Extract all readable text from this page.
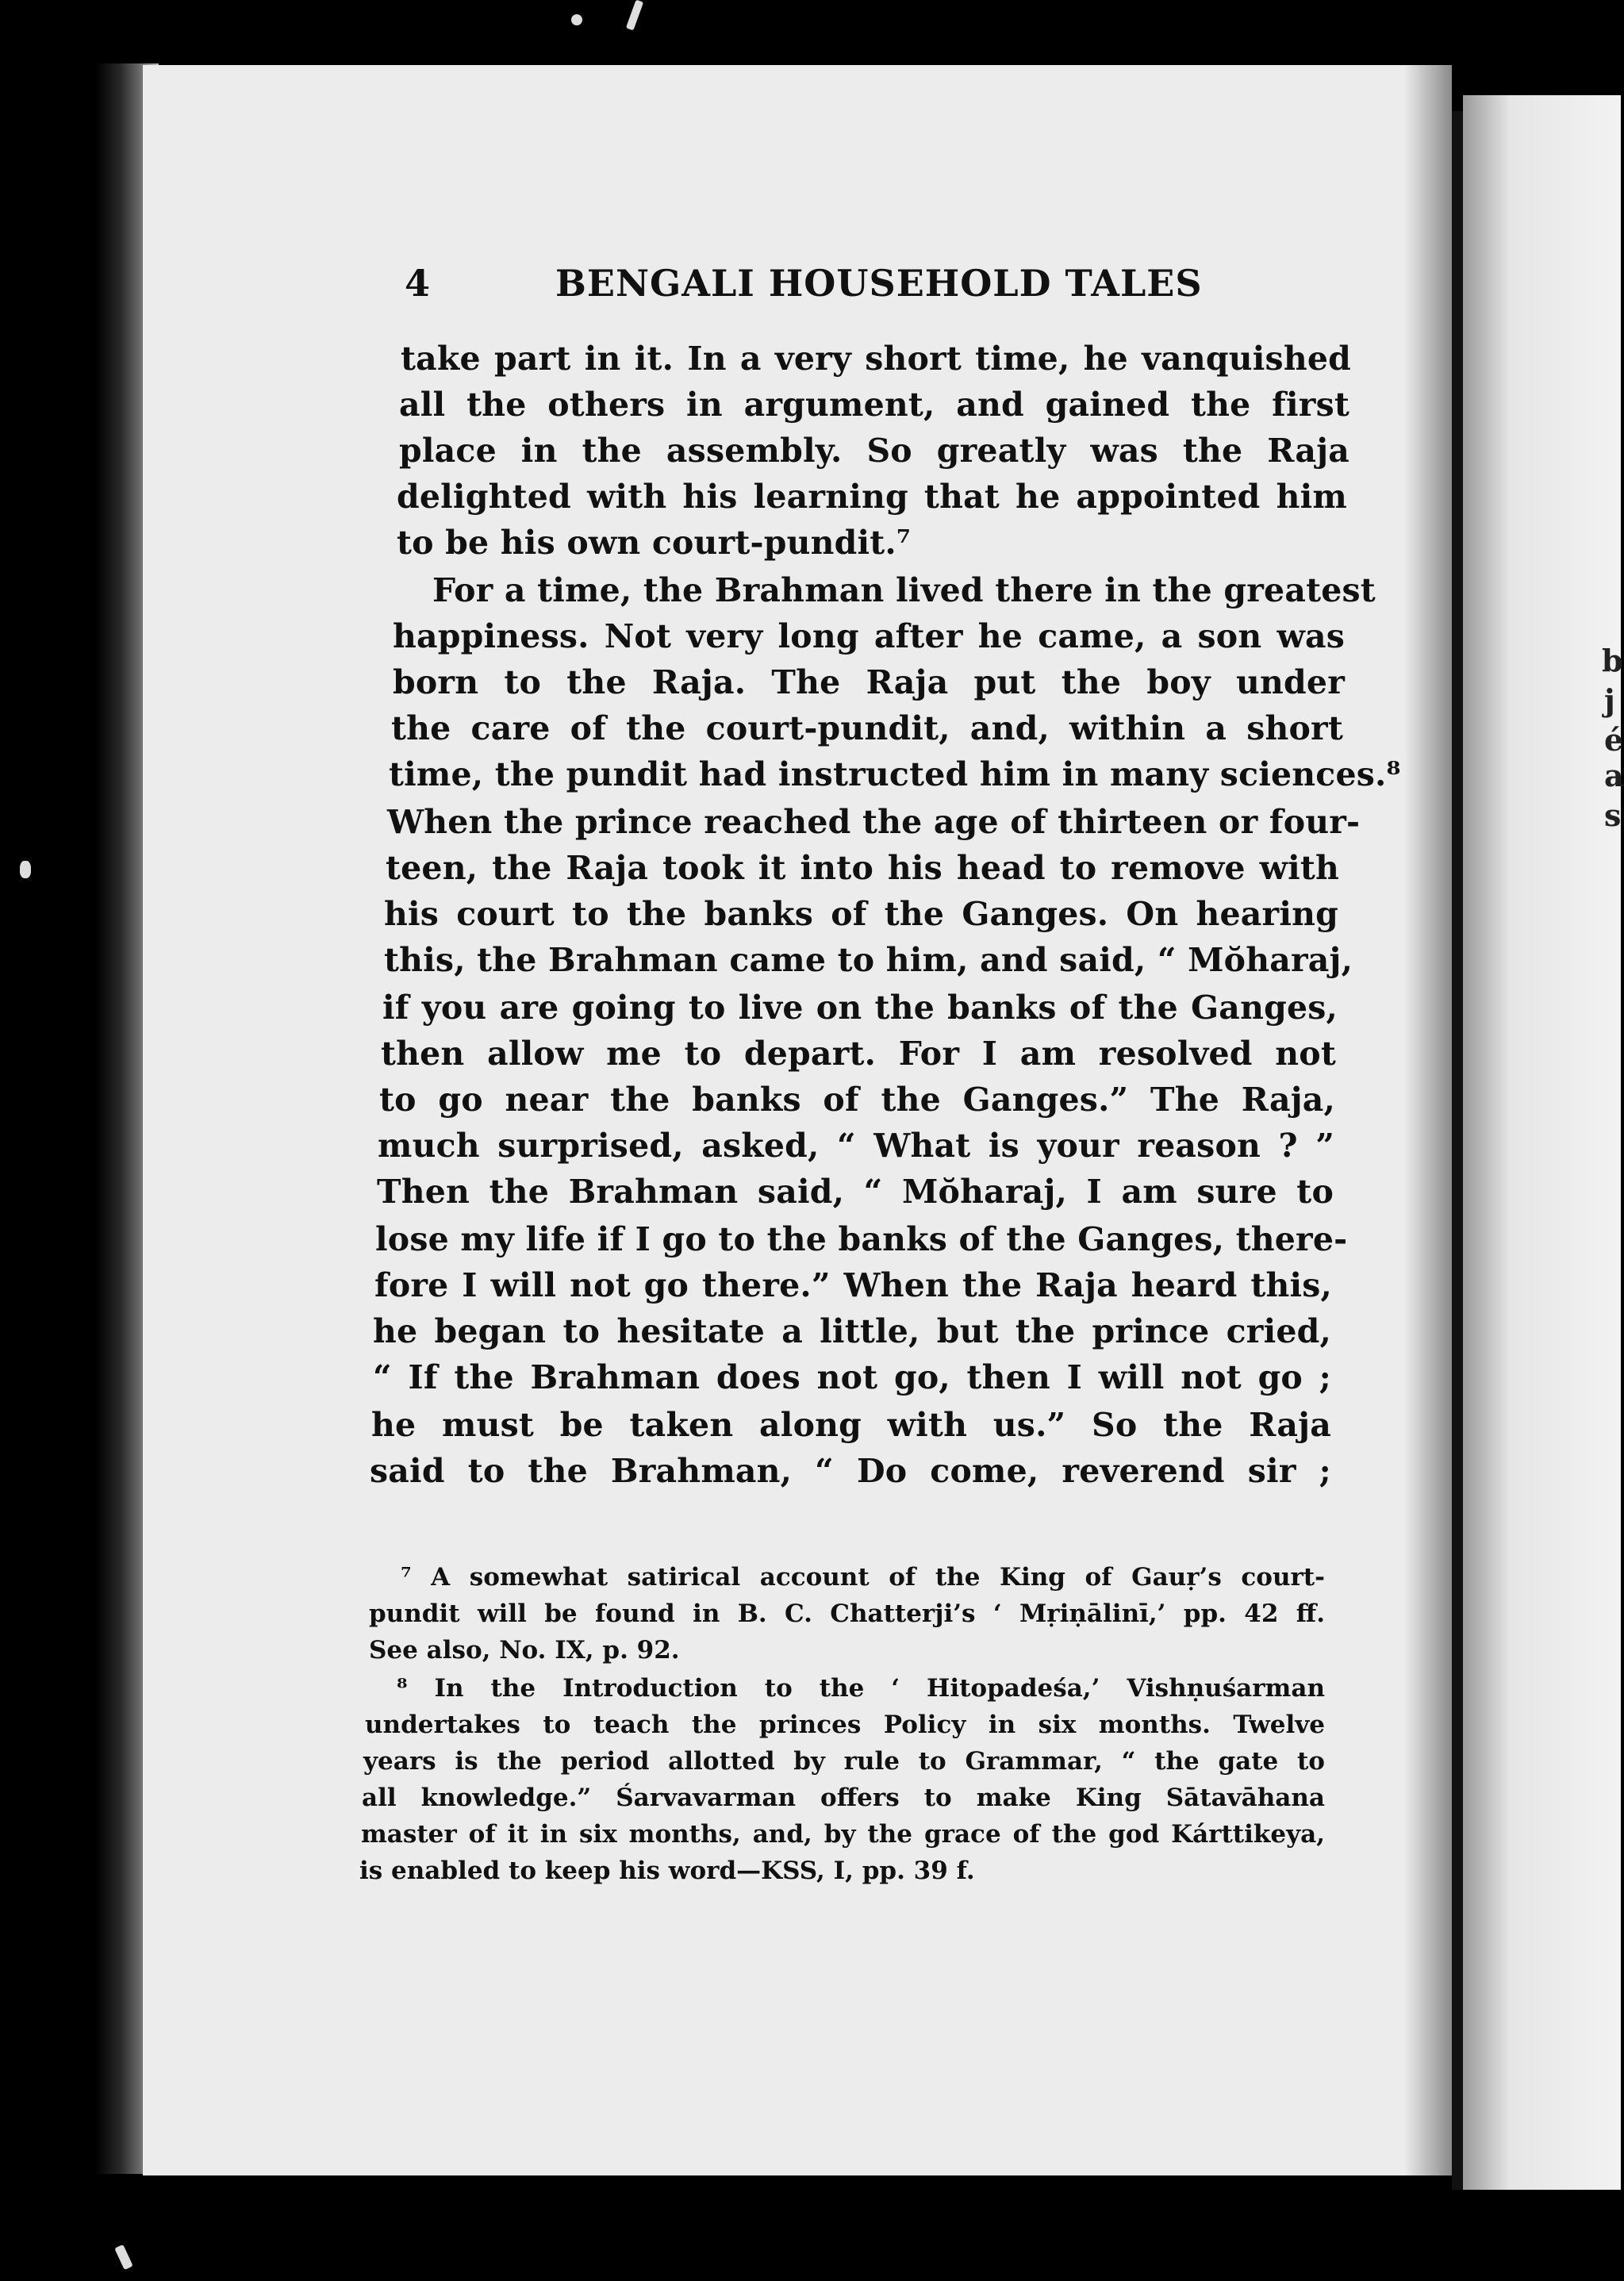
b
j
é
a
s
4	BENGALI HOUSEHOLD TALES
take part in it. In a very short time, he vanquished
all the others in argument, and gained the first
place in the assembly. So greatly was the Raja
delighted with his learning that he appointed him
to be his own court-pundit.⁷
For a time, the Brahman lived there in the greatest
happiness. Not very long after he came, a son was
born to the Raja. The Raja put the boy under
the care of the court-pundit, and, within a short
time, the pundit had instructed him in many sciences.⁸
When the prince reached the age of thirteen or four-
teen, the Raja took it into his head to remove with
his court to the banks of the Ganges. On hearing
this, the Brahman came to him, and said, “ Mŏharaj,
if you are going to live on the banks of the Ganges,
then allow me to depart. For I am resolved not
to go near the banks of the Ganges.” The Raja,
much surprised, asked, “ What is your reason ? ”
Then the Brahman said, “ Mŏharaj, I am sure to
lose my life if I go to the banks of the Ganges, there-
fore I will not go there.” When the Raja heard this,
he began to hesitate a little, but the prince cried,
“ If the Brahman does not go, then I will not go ;
he must be taken along with us.” So the Raja
said to the Brahman, “ Do come, reverend sir ;
⁷ A somewhat satirical account of the King of Gauṛ’s court-
pundit will be found in B. C. Chatterji’s ‘ Mṛiṇālinī,’ pp. 42 ff.
See also, No. IX, p. 92.
⁸ In the Introduction to the ‘ Hitopadeśa,’ Vishṇuśarman
undertakes to teach the princes Policy in six months. Twelve
years is the period allotted by rule to Grammar, “ the gate to
all knowledge.” Śarvavarman offers to make King Sātavāhana
master of it in six months, and, by the grace of the god Kárttikeya,
is enabled to keep his word—KSS, I, pp. 39 f.
